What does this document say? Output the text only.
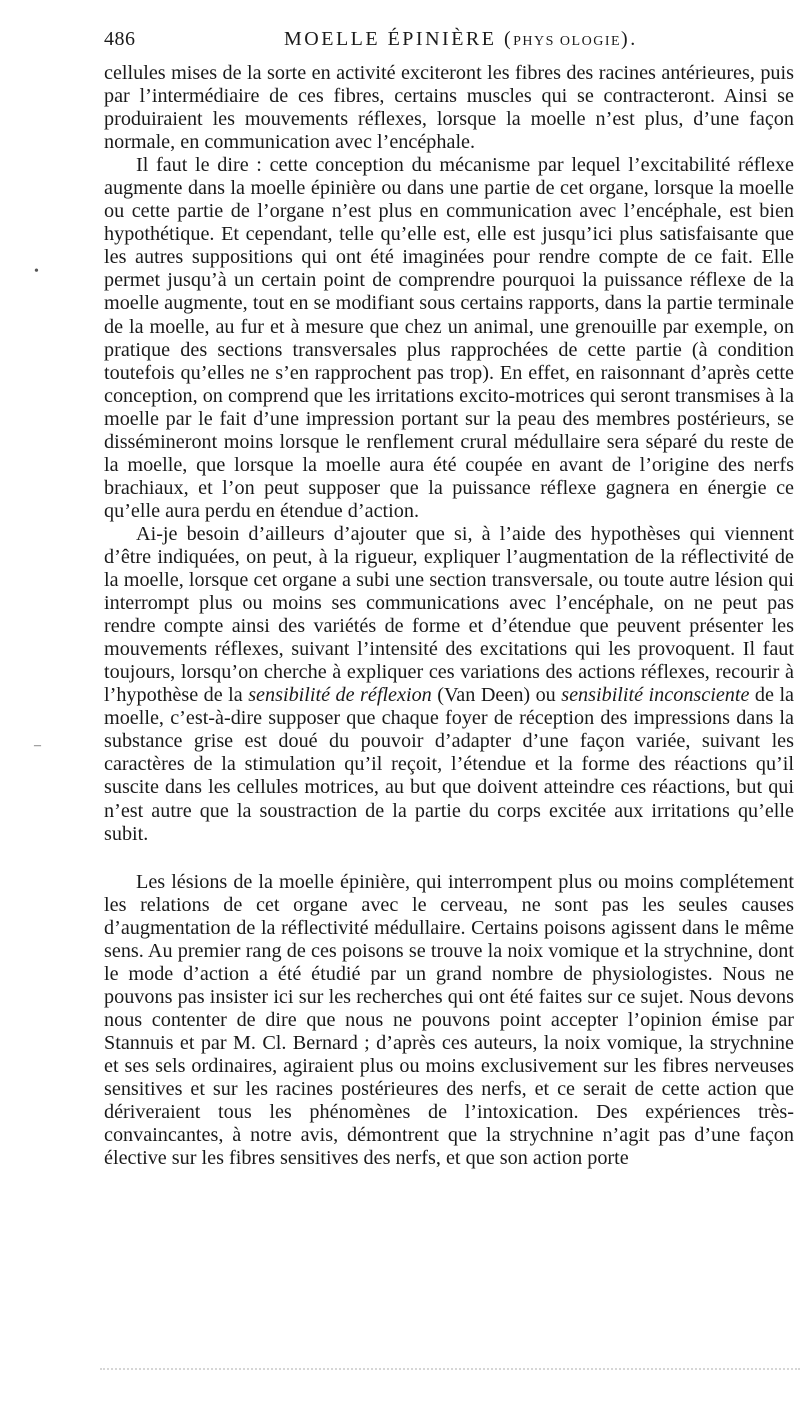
486	MOELLE ÉPINIÈRE (PHYS OLOGIE).
•
–

cellules mises de la sorte en activité exciteront les fibres des racines antérieures, puis par l’intermédiaire de ces fibres, certains muscles qui se contracteront. Ainsi se produiraient les mouvements réflexes, lorsque la moelle n’est plus, d’une façon normale, en communication avec l’encéphale.

Il faut le dire : cette conception du mécanisme par lequel l’excitabilité réflexe augmente dans la moelle épinière ou dans une partie de cet organe, lorsque la moelle ou cette partie de l’organe n’est plus en communication avec l’encéphale, est bien hypothétique. Et cependant, telle qu’elle est, elle est jusqu’ici plus satisfaisante que les autres suppositions qui ont été imaginées pour rendre compte de ce fait. Elle permet jusqu’à un certain point de comprendre pourquoi la puissance réflexe de la moelle augmente, tout en se modifiant sous certains rapports, dans la partie terminale de la moelle, au fur et à mesure que chez un animal, une grenouille par exemple, on pratique des sections transversales plus rapprochées de cette partie (à condition toutefois qu’elles ne s’en rapprochent pas trop). En effet, en raisonnant d’après cette conception, on comprend que les irritations excito-motrices qui seront transmises à la moelle par le fait d’une impression portant sur la peau des membres postérieurs, se dissémineront moins lorsque le renflement crural médullaire sera séparé du reste de la moelle, que lorsque la moelle aura été coupée en avant de l’origine des nerfs brachiaux, et l’on peut supposer que la puissance réflexe gagnera en énergie ce qu’elle aura perdu en étendue d’action.

Ai-je besoin d’ailleurs d’ajouter que si, à l’aide des hypothèses qui viennent d’être indiquées, on peut, à la rigueur, expliquer l’augmentation de la réflectivité de la moelle, lorsque cet organe a subi une section transversale, ou toute autre lésion qui interrompt plus ou moins ses communications avec l’encéphale, on ne peut pas rendre compte ainsi des variétés de forme et d’étendue que peuvent présenter les mouvements réflexes, suivant l’intensité des excitations qui les provoquent. Il faut toujours, lorsqu’on cherche à expliquer ces variations des actions réflexes, recourir à l’hypothèse de la sensibilité de réflexion (Van Deen) ou sensibilité inconsciente de la moelle, c’est-à-dire supposer que chaque foyer de réception des impressions dans la substance grise est doué du pouvoir d’adapter d’une façon variée, suivant les caractères de la stimulation qu’il reçoit, l’étendue et la forme des réactions qu’il suscite dans les cellules motrices, au but que doivent atteindre ces réactions, but qui n’est autre que la soustraction de la partie du corps excitée aux irritations qu’elle subit.

Les lésions de la moelle épinière, qui interrompent plus ou moins complétement les relations de cet organe avec le cerveau, ne sont pas les seules causes d’augmentation de la réflectivité médullaire. Certains poisons agissent dans le même sens. Au premier rang de ces poisons se trouve la noix vomique et la strychnine, dont le mode d’action a été étudié par un grand nombre de physiologistes. Nous ne pouvons pas insister ici sur les recherches qui ont été faites sur ce sujet. Nous devons nous contenter de dire que nous ne pouvons point accepter l’opinion émise par Stannuis et par M. Cl. Bernard ; d’après ces auteurs, la noix vomique, la strychnine et ses sels ordinaires, agiraient plus ou moins exclusivement sur les fibres nerveuses sensitives et sur les racines postérieures des nerfs, et ce serait de cette action que dériveraient tous les phénomènes de l’intoxication. Des expériences très-convaincantes, à notre avis, démontrent que la strychnine n’agit pas d’une façon élective sur les fibres sensitives des nerfs, et que son action porte
